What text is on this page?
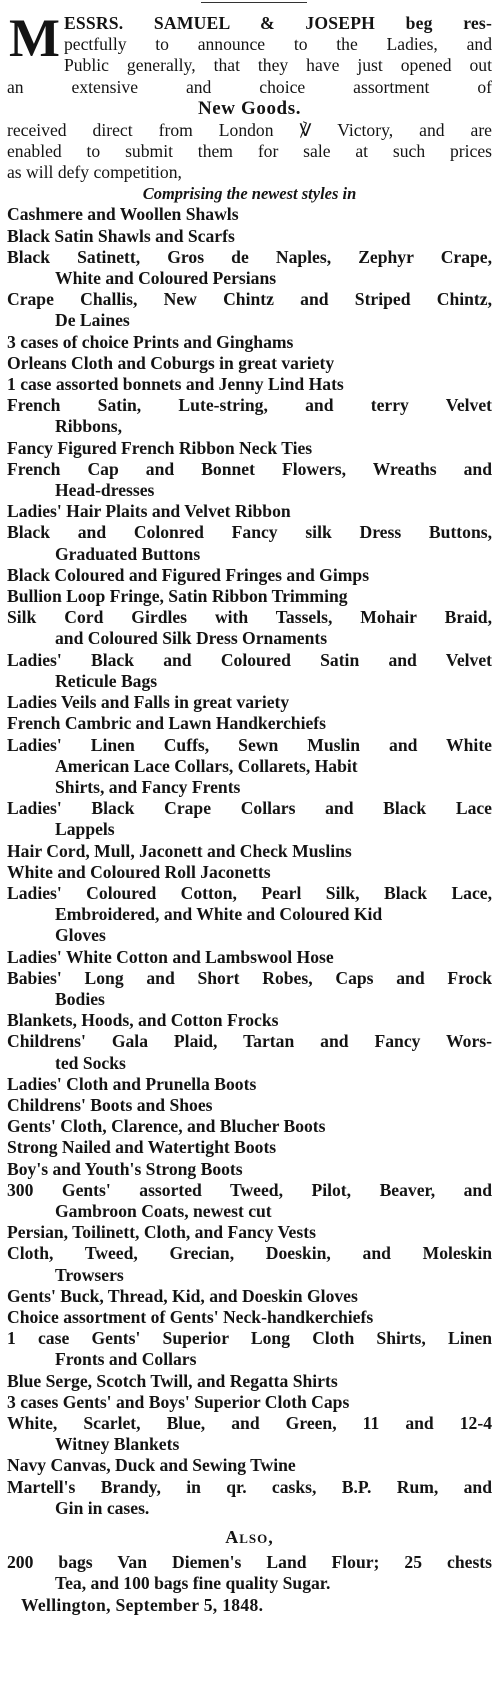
M ESSRS. SAMUEL & JOSEPH beg res-
pectfully to announce to the Ladies, and
Public generally, that they have just opened out
an extensive and choice assortment of

New Goods.

received direct from London ℣ Victory, and are
enabled to submit them for sale at such prices
as will defy competition,

Comprising the newest styles in

Cashmere and Woollen Shawls
Black Satin Shawls and Scarfs
Black Satinett, Gros de Naples, Zephyr Crape,
White and Coloured Persians
Crape Challis, New Chintz and Striped Chintz,
De Laines
3 cases of choice Prints and Ginghams
Orleans Cloth and Coburgs in great variety
1 case assorted bonnets and Jenny Lind Hats
French Satin, Lute-string, and terry Velvet
Ribbons,
Fancy Figured French Ribbon Neck Ties
French Cap and Bonnet Flowers, Wreaths and
Head-dresses
Ladies' Hair Plaits and Velvet Ribbon
Black and Colonred Fancy silk Dress Buttons,
Graduated Buttons
Black Coloured and Figured Fringes and Gimps
Bullion Loop Fringe, Satin Ribbon Trimming
Silk Cord Girdles with Tassels, Mohair Braid,
and Coloured Silk Dress Ornaments
Ladies' Black and Coloured Satin and Velvet
Reticule Bags
Ladies Veils and Falls in great variety
French Cambric and Lawn Handkerchiefs
Ladies' Linen Cuffs, Sewn Muslin and White
American Lace Collars, Collarets, Habit
Shirts, and Fancy Frents
Ladies' Black Crape Collars and Black Lace
Lappels
Hair Cord, Mull, Jaconett and Check Muslins
White and Coloured Roll Jaconetts
Ladies' Coloured Cotton, Pearl Silk, Black Lace,
Embroidered, and White and Coloured Kid
Gloves
Ladies' White Cotton and Lambswool Hose
Babies' Long and Short Robes, Caps and Frock
Bodies
Blankets, Hoods, and Cotton Frocks
Childrens' Gala Plaid, Tartan and Fancy Wors-
ted Socks
Ladies' Cloth and Prunella Boots
Childrens' Boots and Shoes
Gents' Cloth, Clarence, and Blucher Boots
Strong Nailed and Watertight Boots
Boy's and Youth's Strong Boots
300 Gents' assorted Tweed, Pilot, Beaver, and
Gambroon Coats, newest cut
Persian, Toilinett, Cloth, and Fancy Vests
Cloth, Tweed, Grecian, Doeskin, and Moleskin
Trowsers
Gents' Buck, Thread, Kid, and Doeskin Gloves
Choice assortment of Gents' Neck-handkerchiefs
1 case Gents' Superior Long Cloth Shirts, Linen
Fronts and Collars
Blue Serge, Scotch Twill, and Regatta Shirts
3 cases Gents' and Boys' Superior Cloth Caps
White, Scarlet, Blue, and Green, 11 and 12-4
Witney Blankets
Navy Canvas, Duck and Sewing Twine
Martell's Brandy, in qr. casks, B.P. Rum, and
Gin in cases.

Also,

200 bags Van Diemen's Land Flour; 25 chests
Tea, and 100 bags fine quality Sugar.

Wellington, September 5, 1848.
